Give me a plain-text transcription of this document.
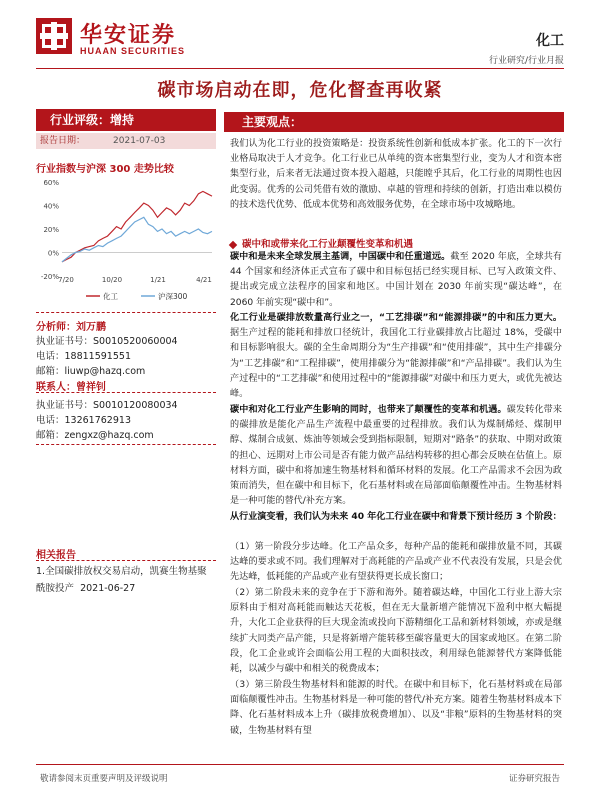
华安证券
HUAAN SECURITIES
化工
行业研究/行业月报
碳市场启动在即，危化督查再收紧
行业评级：增持
报告日期：	2021-07-03
行业指数与沪深 300 走势比较
60%
40%
20%
0%
-20% 7/20	10/20	1/21	4/21
化工	沪深300
分析师：刘万鹏
执业证书号：S0010520060004
电话：18811591551
邮箱：liuwp@hazq.com
联系人：曾祥钊
执业证书号：S0010120080034
电话：13261762913
邮箱：zengxz@hazq.com
相关报告
1.全国碳排放权交易启动，凯赛生物基聚酰胺投产 2021-06-27
主要观点：
我们认为化工行业的投资策略是：投资系统性创新和低成本扩张。化工的下一次行业格局取决于人才竞争。化工行业已从单纯的资本密集型行业，变为人才和资本密集型行业，后来者无法通过资本投入超越，只能瞠乎其后，化工行业的周期性也因此变弱。优秀的公司凭借有效的激励、卓越的管理和持续的创新，打造出难以模仿的技术迭代优势、低成本优势和高效服务优势，在全球市场中攻城略地。
碳中和或带来化工行业颠覆性变革和机遇
碳中和是未来全球发展主基调，中国碳中和任重道远。截至 2020 年底，全球共有 44 个国家和经济体正式宣布了碳中和目标包括已经实现目标、已写入政策文件、提出或完成立法程序的国家和地区。中国计划在 2030 年前实现“碳达峰”，在 2060 年前实现“碳中和”。
化工行业是碳排放数量高行业之一，“工艺排碳”和“能源排碳”的中和压力更大。据生产过程的能耗和排放口径统计，我国化工行业碳排放占比超过 18%，受碳中和目标影响很大。碳的全生命周期分为“生产排碳”和“使用排碳”，其中生产排碳分为“工艺排碳”和“工程排碳”，使用排碳分为“能源排碳”和“产品排碳”。我们认为生产过程中的“工艺排碳”和使用过程中的“能源排碳”对碳中和压力更大，或优先被达峰。
碳中和对化工行业产生影响的同时，也带来了颠覆性的变革和机遇。碳发转化带来的碳排放是能化产品生产流程中最重要的过程排放。我们认为煤制烯烃、煤制甲醇、煤制合成氨、炼油等领域会受到指标限制，短期对“路条”的获取、中期对政策的担心、远期对上市公司是否有能力做产品结构转移的担心都会反映在估值上。原材料方面，碳中和将加速生物基材料和循环材料的发展。化工产品需求不会因为政策而消失，但在碳中和目标下，化石基材料或在局部面临颠覆性冲击。生物基材料是一种可能的替代/补充方案。
从行业演变看，我们认为未来 40 年化工行业在碳中和背景下预计经历 3 个阶段：
（1）第一阶段分步达峰。化工产品众多，每种产品的能耗和碳排放量不同，其碳达峰的要求或不同。我们理解对于高耗能的产品或产业不代表没有发展，只是会优先达峰，低耗能的产品或产业有望获得更长成长窗口；
（2）第二阶段未来的竞争在于下游和海外。随着碳达峰，中国化工行业上游大宗原料由于相对高耗能而触达天花板，但在无大量新增产能情况下盈利中枢大幅提升，大化工企业获得的巨大现金流或投向下游精细化工品和新材料领域，亦或是继续扩大同类产品产能，只是将新增产能转移至碳容量更大的国家或地区。在第二阶段，化工企业或许会面临公用工程的大面积技改，利用绿色能源替代方案降低能耗，以减少与碳中和相关的税费成本；
（3）第三阶段生物基材料和能源的时代。在碳中和目标下，化石基材料或在局部面临颠覆性冲击。生物基材料是一种可能的替代/补充方案。随着生物基材料成本下降、化石基材料成本上升（碳排放税费增加）、以及“非粮”原料的生物基材料的突破，生物基材料有望
敬请参阅末页重要声明及评级说明	证券研究报告
